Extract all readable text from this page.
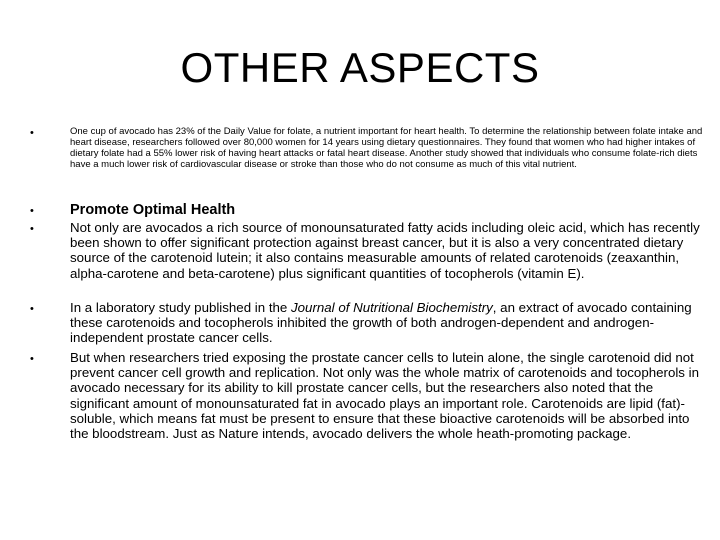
OTHER ASPECTS
•	One cup of avocado has 23% of the Daily Value for folate, a nutrient important for heart health. To determine the relationship between folate intake and heart disease, researchers followed over 80,000 women for 14 years using dietary questionnaires. They found that women who had higher intakes of dietary folate had a 55% lower risk of having heart attacks or fatal heart disease. Another study showed that individuals who consume folate-rich diets have a much lower risk of cardiovascular disease or stroke than those who do not consume as much of this vital nutrient.
• Promote Optimal Health
•	Not only are avocados a rich source of monounsaturated fatty acids including oleic acid, which has recently been shown to offer significant protection against breast cancer, but it is also a very concentrated dietary source of the carotenoid lutein; it also contains measurable amounts of related carotenoids (zeaxanthin, alpha-carotene and beta-carotene) plus significant quantities of tocopherols (vitamin E).
•	In a laboratory study published in the Journal of Nutritional Biochemistry, an extract of avocado containing these carotenoids and tocopherols inhibited the growth of both androgen-dependent and androgen-independent prostate cancer cells.
•	But when researchers tried exposing the prostate cancer cells to lutein alone, the single carotenoid did not prevent cancer cell growth and replication. Not only was the whole matrix of carotenoids and tocopherols in avocado necessary for its ability to kill prostate cancer cells, but the researchers also noted that the significant amount of monounsaturated fat in avocado plays an important role. Carotenoids are lipid (fat)-soluble, which means fat must be present to ensure that these bioactive carotenoids will be absorbed into the bloodstream. Just as Nature intends, avocado delivers the whole heath-promoting package.
